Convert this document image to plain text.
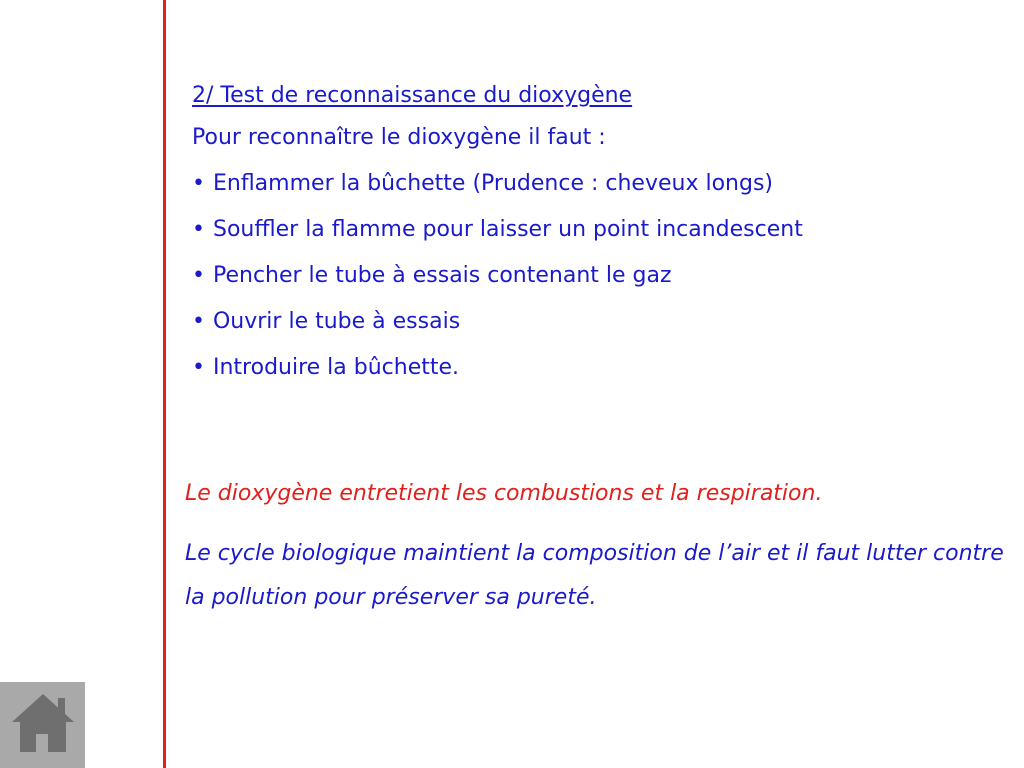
2/ Test de reconnaissance du dioxygène
Pour reconnaître le dioxygène il faut :
• Enflammer la bûchette (Prudence : cheveux longs)
• Souffler la flamme pour laisser un point incandescent
• Pencher le tube à essais contenant le gaz
• Ouvrir le tube à essais
• Introduire la bûchette.
Le dioxygène entretient les combustions et la respiration.
Le cycle biologique maintient la composition de l’air et il faut lutter contre la pollution pour préserver sa pureté.
